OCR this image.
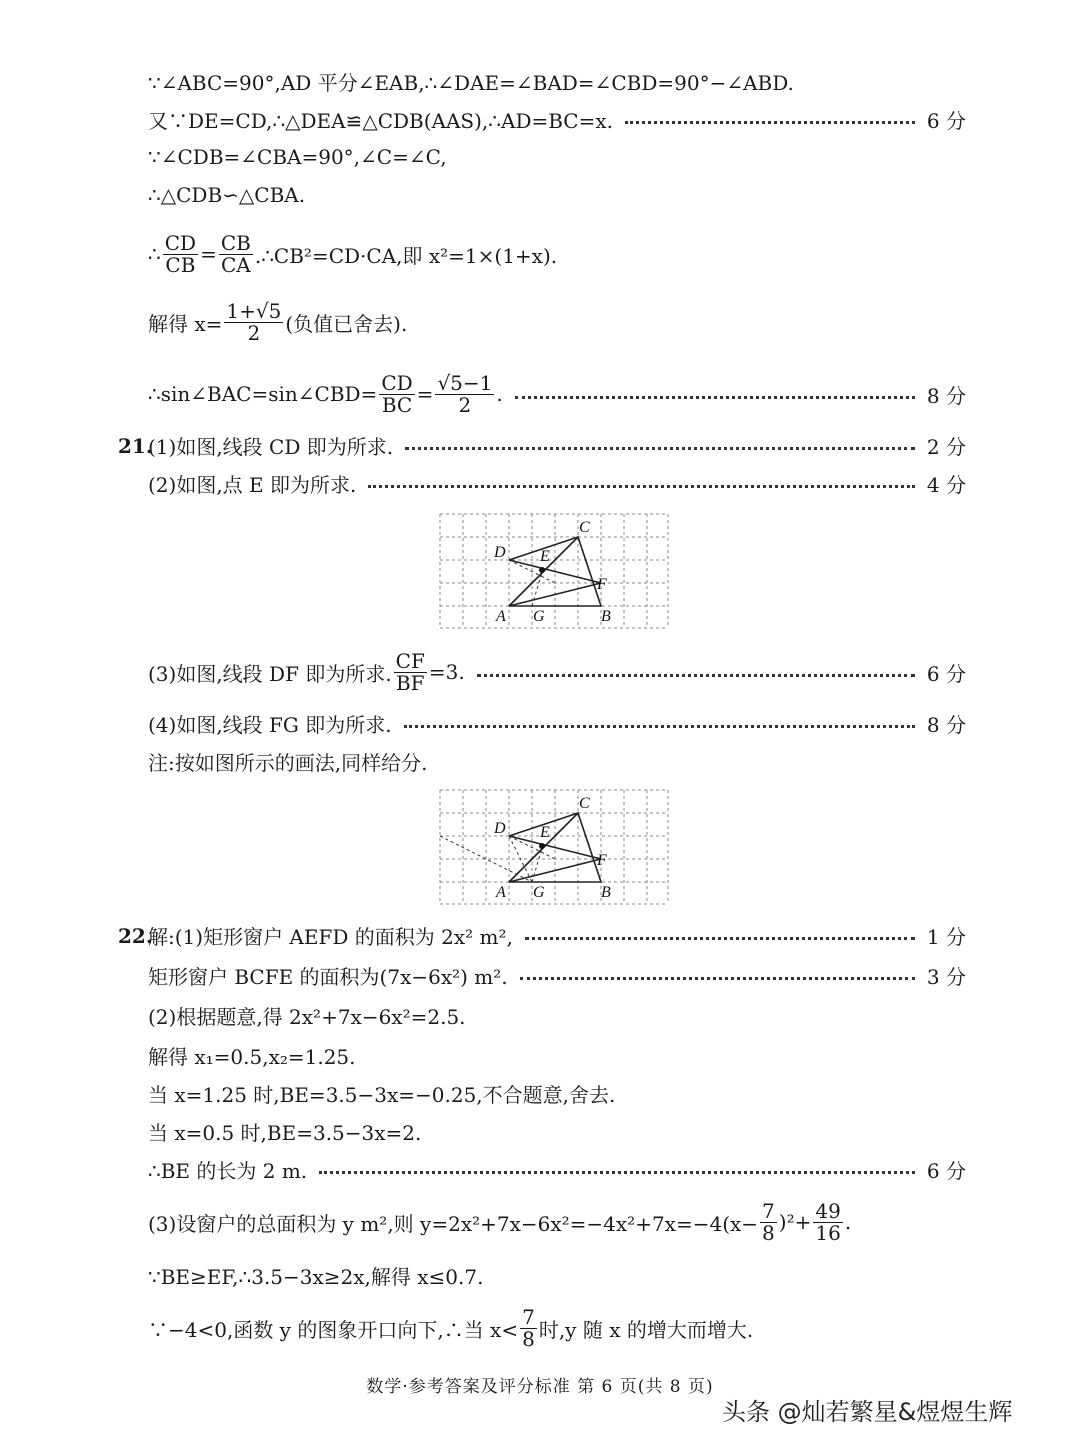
∵∠ABC=90°,AD 平分∠EAB,∴∠DAE=∠BAD=∠CBD=90°−∠ABD.
又∵DE=CD,∴△DEA≌△CDB(AAS),∴AD=BC=x.	6 分
∵∠CDB=∠CBA=90°,∠C=∠C,
∴△CDB∽△CBA.
∴ $\frac{CD}{CB} = \frac{CB}{CA}$ .∴CB²=CD·CA,即 x²=1×(1+x).
解得 $x= \frac{1+√5}{2}$ (负值已舍去).
∴sin∠BAC=sin∠CBD= $\frac{CD}{BC} = \frac{√5-1}{2}$ .	8 分
21.
(1)如图,线段 CD 即为所求.	2 分
(2)如图,点 E 即为所求.	4 分
C
D E
F
A G	B
(3)如图,线段 DF 即为所求. $\frac{CF}{BF} =3$.	6 分
(4)如图,线段 FG 即为所求.	8 分
注:按如图所示的画法,同样给分.
C
D E
F
A G	B
22.
解:(1)矩形窗户 AEFD 的面积为 2x² m²,	1 分
矩形窗户 BCFE 的面积为(7x−6x²) m².	3 分
(2)根据题意,得 2x²+7x−6x²=2.5.
解得 x₁=0.5,x₂=1.25.
当 x=1.25 时,BE=3.5−3x=−0.25,不合题意,舍去.
当 x=0.5 时,BE=3.5−3x=2.
∴BE 的长为 2 m.	6 分
(3)设窗户的总面积为 y m²,则 $y=2x^2+7x-6x^2=-4x^2+7x=-4(x- \frac{7}{8} )^2+ \frac{49}{16}$ .
∵BE≥EF,∴3.5−3x≥2x,解得 x≤0.7.
∵−4<0,函数 y 的图象开口向下,∴当 $x< \frac{7}{8}$ 时,y 随 x 的增大而增大.
数学·参考答案及评分标准 第 6 页(共 8 页)
头条 @灿若繁星&煜煜生辉
